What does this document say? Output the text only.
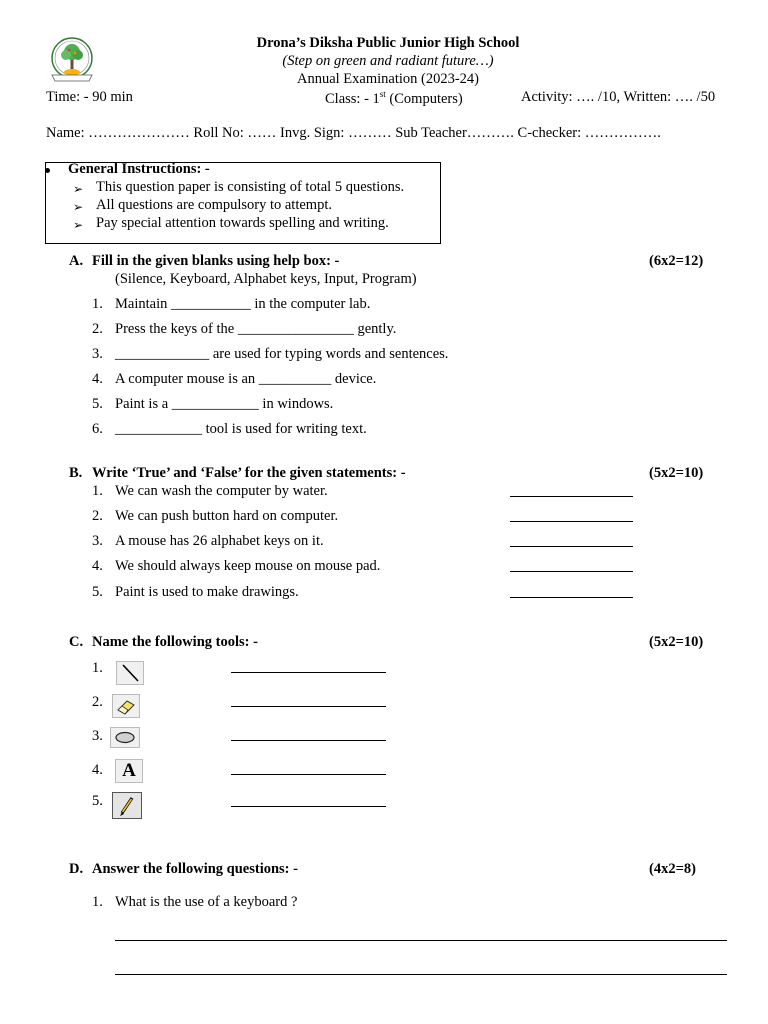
Drona’s Diksha Public Junior High School
(Step on green and radiant future…)
Annual Examination (2023-24)
Time: - 90 min	Class: - 1st (Computers)	Activity: …. /10, Written: …. /50
Name: ………………… Roll No: …… Invg. Sign: ……… Sub Teacher………. C-checker: …………….
General Instructions: -
➢ This question paper is consisting of total 5 questions.
➢ All questions are compulsory to attempt.
➢ Pay special attention towards spelling and writing.
A. Fill in the given blanks using help box: -	(6x2=12)
(Silence, Keyboard, Alphabet keys, Input, Program)
1. Maintain ___________ in the computer lab.
2. Press the keys of the ________________ gently.
3. _____________ are used for typing words and sentences.
4. A computer mouse is an __________ device.
5. Paint is a ____________ in windows.
6. ____________ tool is used for writing text.
B. Write ‘True’ and ‘False’ for the given statements: -	(5x2=10)
1. We can wash the computer by water.
2. We can push button hard on computer.
3. A mouse has 26 alphabet keys on it.
4. We should always keep mouse on mouse pad.
5. Paint is used to make drawings.
C. Name the following tools: -	(5x2=10)
1.
2.
3.
4.	A
5.
D. Answer the following questions: -	(4x2=8)
1. What is the use of a keyboard ?
